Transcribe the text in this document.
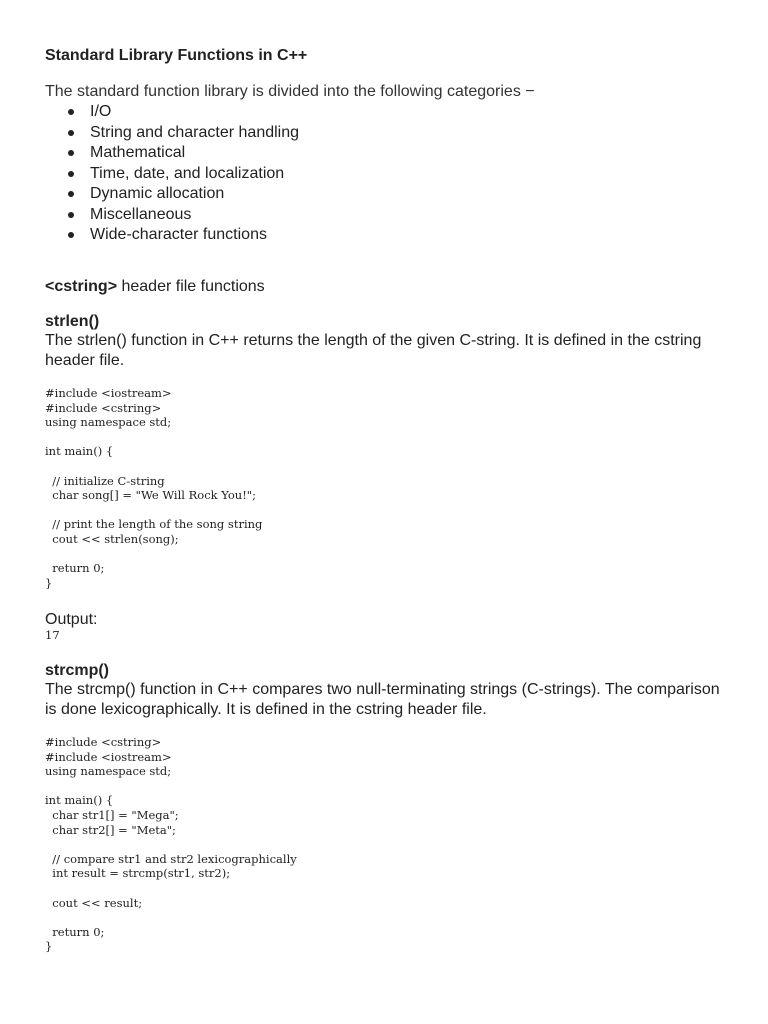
Standard Library Functions in C++
The standard function library is divided into the following categories −
I/O
String and character handling
Mathematical
Time, date, and localization
Dynamic allocation
Miscellaneous
Wide-character functions
<cstring> header file functions
strlen()
The strlen() function in C++ returns the length of the given C-string. It is defined in the cstring header file.
#include <iostream>
#include <cstring>
using namespace std;

int main() {

// initialize C-string
char song[] = "We Will Rock You!";

// print the length of the song string
cout << strlen(song);

return 0;
}
Output:
17
strcmp()
The strcmp() function in C++ compares two null-terminating strings (C-strings). The comparison is done lexicographically. It is defined in the cstring header file.
#include <cstring>
#include <iostream>
using namespace std;

int main() {
char str1[] = "Mega";
char str2[] = "Meta";

// compare str1 and str2 lexicographically
int result = strcmp(str1, str2);

cout << result;

return 0;
}
